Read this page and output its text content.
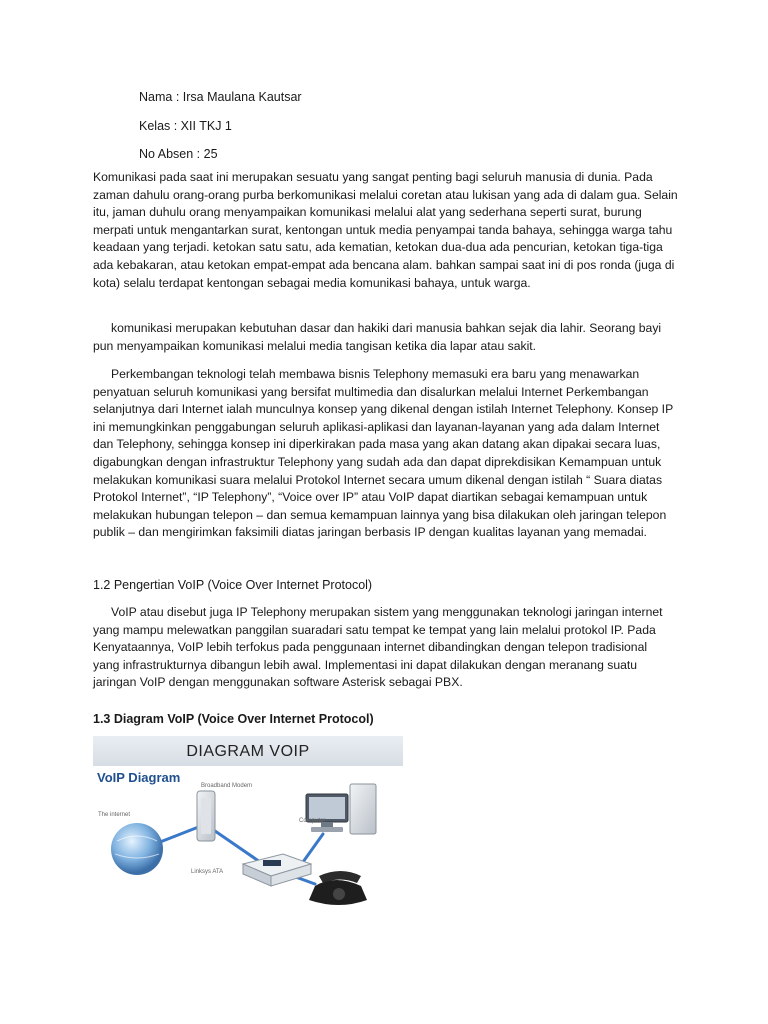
Nama : Irsa Maulana Kautsar
Kelas : XII TKJ 1
No Absen : 25

Komunikasi pada saat ini merupakan sesuatu yang sangat penting bagi seluruh manusia di dunia. Pada zaman dahulu orang-orang purba berkomunikasi melalui coretan atau lukisan yang ada di dalam gua. Selain itu, jaman duhulu orang menyampaikan komunikasi melalui alat yang sederhana seperti surat, burung merpati untuk mengantarkan surat, kentongan untuk media penyampai tanda bahaya, sehingga warga tahu keadaan yang terjadi. ketokan satu satu, ada kematian, ketokan dua-dua ada pencurian, ketokan tiga-tiga ada kebakaran, atau ketokan empat-empat ada bencana alam. bahkan sampai saat ini di pos ronda (juga di kota) selalu terdapat kentongan sebagai media komunikasi bahaya, untuk warga.

komunikasi merupakan kebutuhan dasar dan hakiki dari manusia bahkan sejak dia lahir. Seorang bayi pun menyampaikan komunikasi melalui media tangisan ketika dia lapar atau sakit.

Perkembangan teknologi telah membawa bisnis Telephony memasuki era baru yang menawarkan penyatuan seluruh komunikasi yang bersifat multimedia dan disalurkan melalui Internet Perkembangan selanjutnya dari Internet ialah munculnya konsep yang dikenal dengan istilah Internet Telephony. Konsep IP ini memungkinkan penggabungan seluruh aplikasi-aplikasi dan layanan-layanan yang ada dalam Internet dan Telephony, sehingga konsep ini diperkirakan pada masa yang akan datang akan dipakai secara luas, digabungkan dengan infrastruktur Telephony yang sudah ada dan dapat diprekdisikan Kemampuan untuk melakukan komunikasi suara melalui Protokol Internet secara umum dikenal dengan istilah “ Suara diatas Protokol Internet”, “IP Telephony”, “Voice over IP” atau VoIP dapat diartikan sebagai kemampuan untuk melakukan hubungan telepon – dan semua kemampuan lainnya yang bisa dilakukan oleh jaringan telepon publik – dan mengirimkan faksimili diatas jaringan berbasis IP dengan kualitas layanan yang memadai.

1.2 Pengertian VoIP (Voice Over Internet Protocol)

VoIP atau disebut juga IP Telephony merupakan sistem yang menggunakan teknologi jaringan internet yang mampu melewatkan panggilan suaradari satu tempat ke tempat yang lain melalui protokol IP. Pada Kenyataannya, VoIP lebih terfokus pada penggunaan internet dibandingkan dengan telepon tradisional yang infrastrukturnya dibangun lebih awal. Implementasi ini dapat dilakukan dengan meranang suatu jaringan VoIP dengan menggunakan software Asterisk sebagai PBX.

1.3 Diagram VoIP (Voice Over Internet Protocol)
DIAGRAM VOIP
VoIP Diagram
The internet
Broadband Modem
Computer
Linksys ATA
